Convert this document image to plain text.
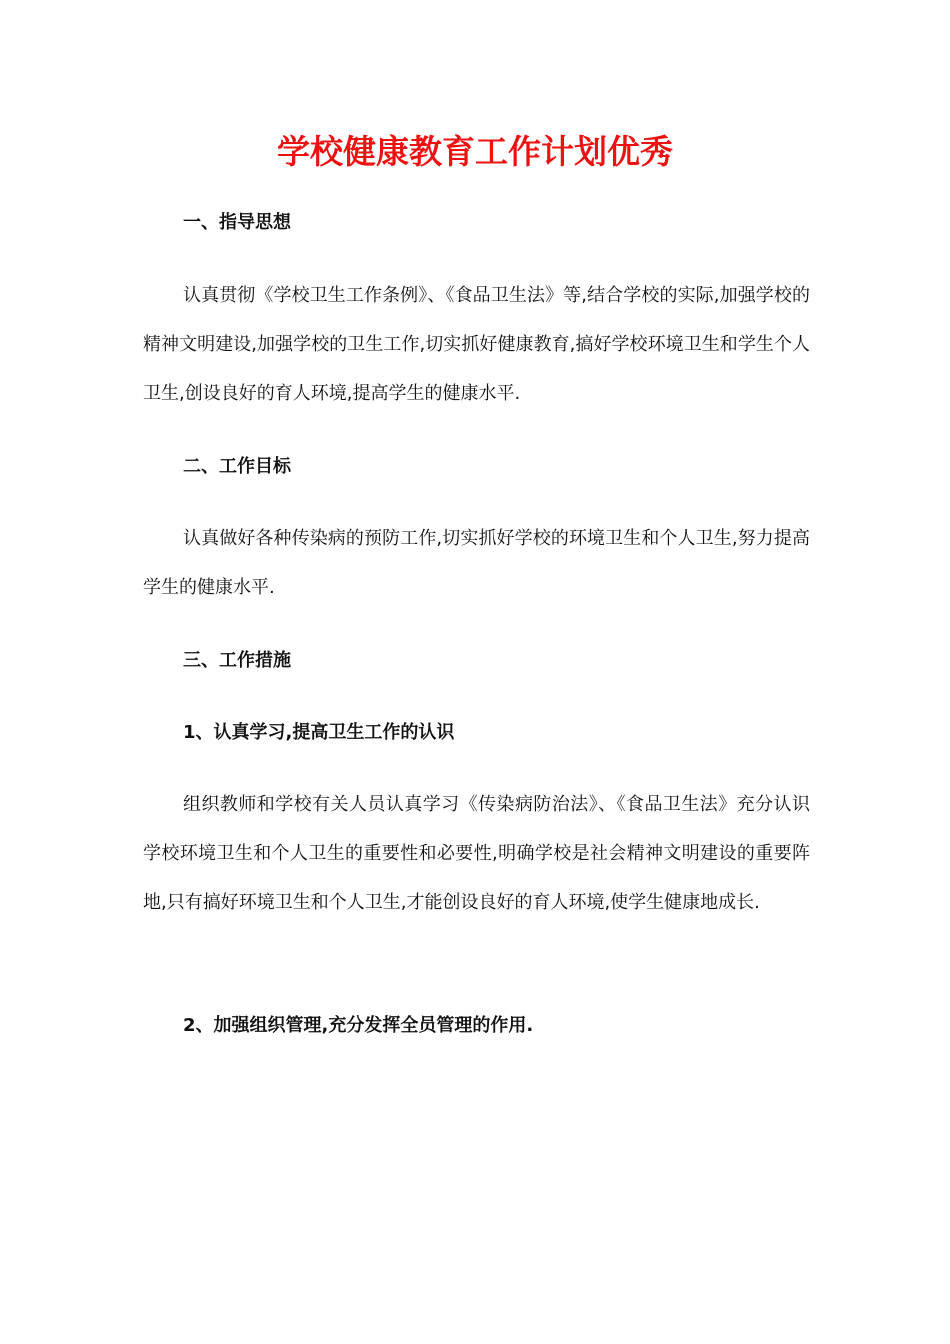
学校健康教育工作计划优秀
一、指导思想
认真贯彻《学校卫生工作条例》、《食品卫生法》等,结合学校的实际,加强学校的精神文明建设,加强学校的卫生工作,切实抓好健康教育,搞好学校环境卫生和学生个人卫生,创设良好的育人环境,提高学生的健康水平.
二、工作目标
认真做好各种传染病的预防工作,切实抓好学校的环境卫生和个人卫生,努力提高学生的健康水平.
三、工作措施
1、认真学习,提高卫生工作的认识
组织教师和学校有关人员认真学习《传染病防治法》、《食品卫生法》充分认识学校环境卫生和个人卫生的重要性和必要性,明确学校是社会精神文明建设的重要阵地,只有搞好环境卫生和个人卫生,才能创设良好的育人环境,使学生健康地成长.
2、加强组织管理,充分发挥全员管理的作用.
